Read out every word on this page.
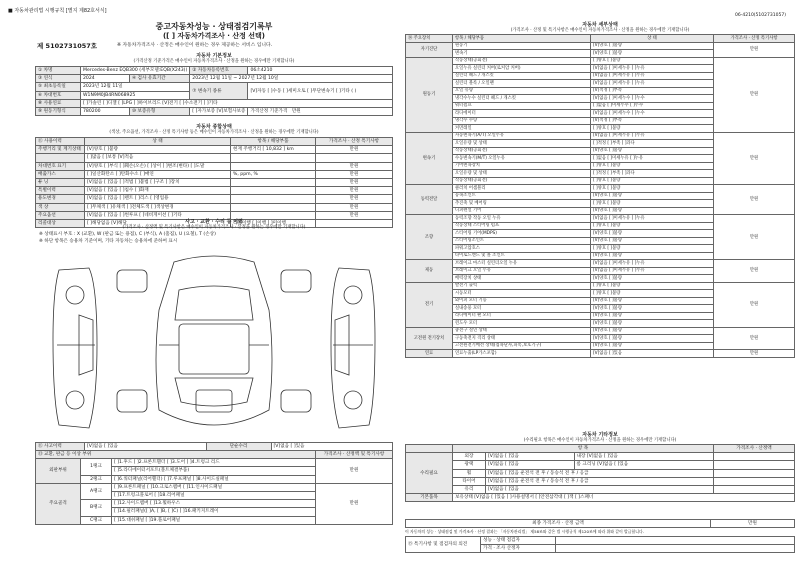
■ 자동차관리법 시행규칙 [별지 제82호서식]
06-4210(5102731057)
중고자동차성능 · 상태점검기록부
([ ] 자동차가격조사 · 산정 선택)
제 5102731057호	※ 자동차가격조사 · 산정은 매수인이 원하는 경우 제공하는 서비스 입니다.
자동차 기본정보
(가격산정 기준가격은 매수인이 자동차가격조사 · 산정을 원하는 경우에만 기재합니다)
① 차명	Mercedes-Benz EQB300 (세부모델:EQB(X243))		② 자동차등록번호	06소4210
③ 연식	2024	④ 검사 유효기간	2023년 12월 11일 ~ 2027년 12월 10일	
⑤ 최초등록일	2023년 12월 11일		⑦ 변속기 종류	[V]자동 [ ]수동 [ ]세미오토 [ ]무단변속기 [ ]기타 ( )
⑥ 차대번호	W1N9M0JB4RN068925			
⑧ 사용연료	[ ]가솔린 [ ]디젤 [ ]LPG [ ]하이브리드 [V]전기 [ ]수소전기 [ ]기타			
⑨ 원동기형식	780200	⑩ 보증유형	[ ]자가보증 [V]보험사보증	가격산정 기준가격 만원
자동차 종합상태
(색상, 주요옵션, 가격조사 · 산정 특기사항 등은 매수인이 자동차가격조사 · 산정을 원하는 경우에만 기재합니다)
⑪ 사용이력	상 태	항목 / 해당부품	가격조사 · 산정 특기사항
주행거리 및 계기상태	[V]양호 [ ]불량	현재 주행거리 [ 10,832 ] km	만원
	[ ]많음 [ ]보통 [V]적음		
차대번호 표기	[V]양호 [ ]부식 [ ]훼손(오손) [ ]상이 [ ]변조(변타) [ ]도말		만원
배출가스	[ ]일산화탄소 [ ]탄화수소 [ ]매연	%, ppm, %	만원
튜 닝	[V]없음 [ ]있음 [ ]적법 [ ]불법 [ ]구조 [ ]장치		만원
특별이력	[V]없음 [ ]있음 [ ]침수 [ ]화재		만원
용도변경	[V]없음 [ ]있음 [ ]렌트 [ ]리스 [ ]영업용		만원
색 상	[ ]무채색 [ ]유채색 [ ]전체도색 [ ]색상변경		만원
주요옵션	[V]없음 [ ]있음 [ ]썬루프 [ ]네비게이션 [ ]기타		만원
리콜대상	[ ]해당없음 [V]해당	리콜이행 [ ]이행 [ ]미이행	
사고 · 교환 · 수리 등 이력
(가격조사 · 산정액 및 특기사항은 매수인이 자동차가격조사 · 산정을 원하는 경우에만 기재합니다)
※ 상태표시 부호 : X (교환), W (판금 또는 용접), C (부식), A (흠집), U (요철), T (손상)
※ 하단 항목은 승용차 기준이며, 기타 자동차는 승용차에 준하여 표시
⑪ 사고이력	[V]없음 [ ]있음	단순수리	[V]없음 [ ]있음
⑬ 교환, 판금 등 이상 부위			가격조사 · 산정액 및 특기사항
외판부위	1랭크	[ ]1.후드 [ ]2.프론트휀더 [ ]3.도어 [ ]4.트렁크 리드	만원
		[ ]5.라디에이터서포트(볼트체결부품)	
	2랭크	[ ]6.쿼터패널(리어휀더) [ ]7.루프패널 [ ]8.사이드실패널	
주요골격	A랭크	[ ]9.프론트패널 [ ]10.크로스멤버 [ ]11.인사이드패널	만원
		[ ]17.트렁크플로어 [ ]18.리어패널	
	B랭크	[ ]12.사이드멤버 [ ]13.휠하우스	
		[ ]14.필러패널([ ]A, [ ]B, [ ]C) [ ]16.패키지트레이	
	C랭크	[ ]15.대쉬패널 [ ]19.플로어패널	
자동차 세부상태
(가격조사 · 산정 및 특기사항은 매수인이 자동차가격조사 · 산정을 원하는 경우에만 기재합니다)
⑭ 주요장치	항목 / 해당부품	상 태	가격조사 · 산정 특기사항
자기진단	원동기	[V]양호 [ ]불량	만원
	변속기	[V]양호 [ ]불량	
원동기	작동상태(공회전)	[ ]양호 [ ]불량	만원
	오일누유 실린더 커버(로커암 커버)	[V]없음 [ ]미세누유 [ ]누유	
	실린더 헤드 / 개스킷	[V]없음 [ ]미세누유 [ ]누유	
	실린더 블록 / 오일팬	[V]없음 [ ]미세누유 [ ]누유	
	오일 유량	[V]적정 [ ]부족	
	냉각수누수 실린더 헤드 / 개스킷	[V]없음 [ ]미세누수 [ ]누수	
	워터펌프	[ ]없음 [ ]미세누수 [ ]누수	
	라디에이터	[V]없음 [ ]미세누수 [ ]누수	
	냉각수 수량	[V]적정 [ ]부족	
	커먼레일	[ ]양호 [ ]불량	
변속기	자동변속기(A/T) 오일누유	[V]없음 [ ]미세누유 [ ]누유	만원
	오일유량 및 상태	[ ]적정 [ ]부족 [ ]과다	
	작동상태(공회전)	[V]양호 [ ]불량	
	수동변속기(M/T) 오일누유	[ ]없음 [ ]미세누유 [ ]누유	
	기어변속장치	[ ]양호 [ ]불량	
	오일유량 및 상태	[ ]적정 [ ]부족 [ ]과다	
	작동상태(공회전)	[ ]양호 [ ]불량	
동력전달	클러치 어셈블리	[ ]양호 [ ]불량	만원
	등속조인트	[V]양호 [ ]불량	
	추진축 및 베어링	[ ]양호 [ ]불량	
	디퍼렌셜 기어	[V]양호 [ ]불량	
조향	동력조향 작동 오일 누유	[V]없음 [ ]미세누유 [ ]누유	만원
	작동상태 스티어링 펌프	[ ]양호 [ ]불량	
	스티어링 기어(MDPS)	[V]양호 [ ]불량	
	스티어링조인트	[V]양호 [ ]불량	
	파워고압호스	[ ]양호 [ ]불량	
	타이로드엔드 및 볼 조인트	[V]양호 [ ]불량	
제동	브레이크 마스터 실린더오일 누유	[V]없음 [ ]미세누유 [ ]누유	만원
	브레이크 오일 누유	[V]없음 [ ]미세누유 [ ]누유	
	배력장치 상태	[V]양호 [ ]불량	
전기	발전기 출력	[ ]양호 [ ]불량	만원
	시동모터	[ ]양호 [ ]불량	
	와이퍼 모터 기능	[V]양호 [ ]불량	
	실내송풍 모터	[V]양호 [ ]불량	
	라디에이터 팬 모터	[V]양호 [ ]불량	
	윈도우 모터	[V]양호 [ ]불량	
고전원 전기장치	충전구 절연 상태	[V]양호 [ ]불량	만원
	구동축전지 격리 상태	[V]양호 [ ]불량	
	고전원전기배선 상태(접속단자,피복,보호기구)	[V]양호 [ ]불량	
연료	연료누출(LP가스포함)	[V]없음 [ ]있음	만원
자동차 기타정보
(수리필요 항목은 매수인이 자동차가격조사 · 산정을 원하는 경우에만 기재합니다)
	항 목			가격조사 · 산정액
수리필요	외장	[V]없음 [ ]있음	내장 [V]없음 [ ]있음	
	광택	[V]없음 [ ]있음	룸 크리닝 [V]없음 [ ]있음	
	휠	[V]없음 [ ]있음 운전석 전 후 / 동승석 전 후 / 응급		
	타이어	[V]없음 [ ]있음 운전석 전 후 / 동승석 전 후 / 응급		
	유리	[V]없음 [ ]있음		
기본품목	보유상태 [V]없음 [ ]있음 [ ]사용설명서 [ ]안전삼각대 [ ]잭 [ ]스패너			
최종 가격조사 · 산정 금액	만원
이 자동차의 성능 · 상태점검 및 가격조사 · 산정 결과는 「자동차관리법」 제58조와 같은 법 시행규칙 제120조에 따라 위와 같이 발급합니다.
⑮ 특기사항 및 점검자의 의견	성능 · 상태 점검자	
	가격 · 조사 산정자	
